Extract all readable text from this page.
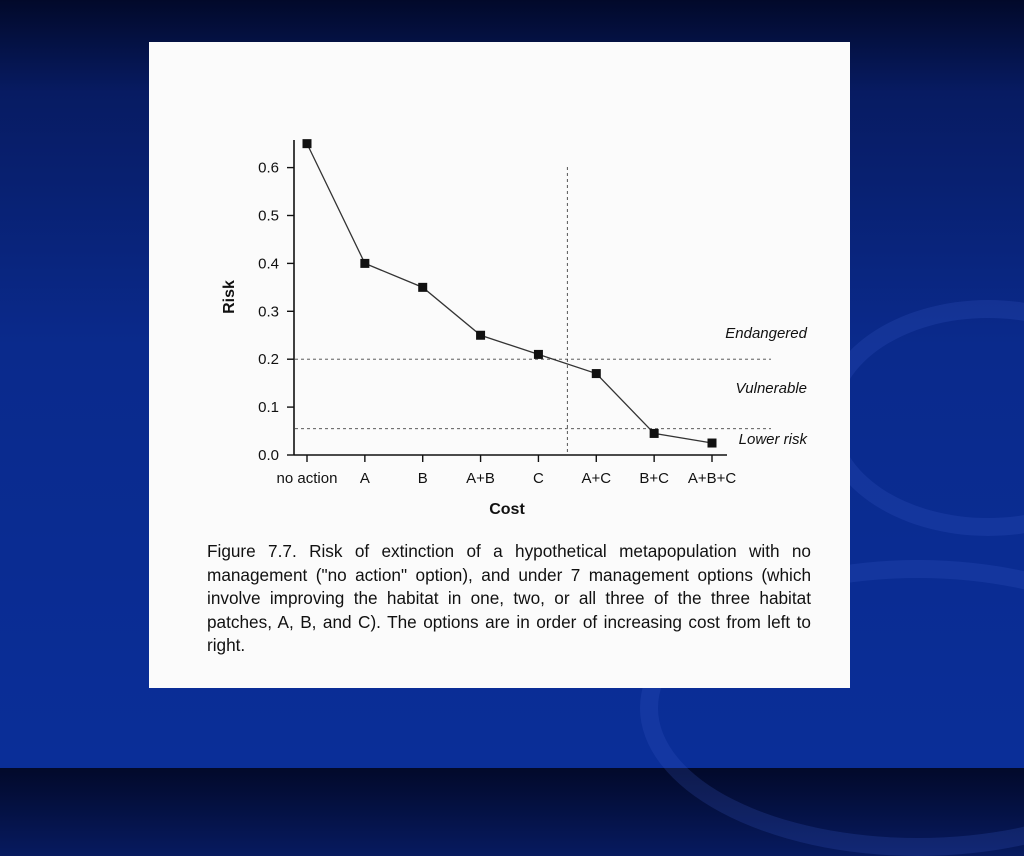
0.0
0.1
0.2
0.3
0.4
0.5
0.6
no action A	B	A+B	C	A+C B+C A+B+C
Cost
Risk
Endangered
Vulnerable
Lower risk

Figure 7.7. Risk of extinction of a hypothetical metapopulation with no management ("no action" option), and under 7 management options (which involve improving the habitat in one, two, or all three of the three habitat patches, A, B, and C). The options are in order of increasing cost from left to right.
